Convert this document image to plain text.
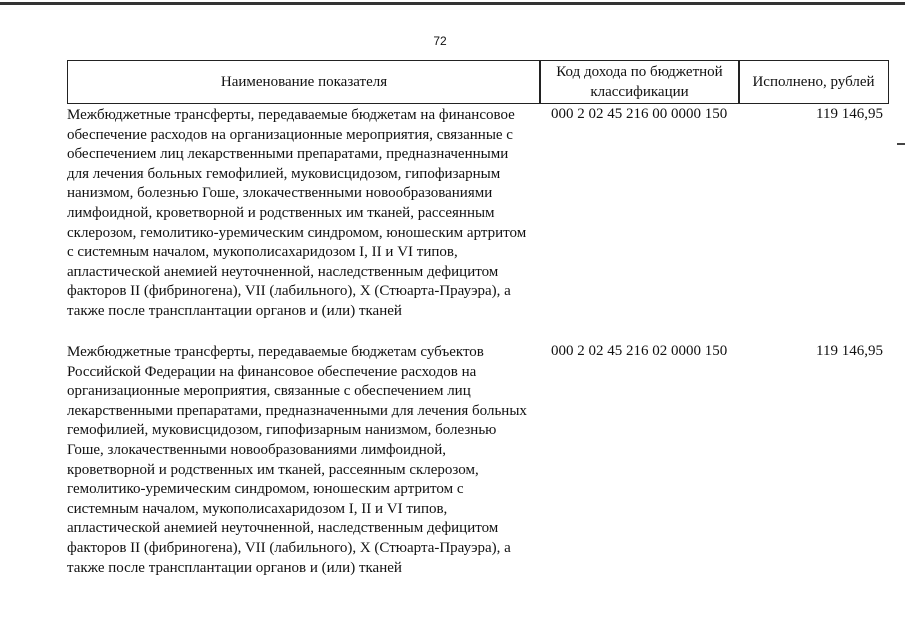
72
Наименование показателя
Код дохода по бюджетной классификации
Исполнено, рублей
Межбюджетные трансферты, передаваемые бюджетам на финансовое
обеспечение расходов на организационные мероприятия, связанные с
обеспечением лиц лекарственными препаратами, предназначенными
для лечения больных гемофилией, муковисцидозом, гипофизарным
нанизмом, болезнью Гоше, злокачественными новообразованиями
лимфоидной, кроветворной и родственных им тканей, рассеянным
склерозом, гемолитико-уремическим синдромом, юношеским артритом
с системным началом, мукополисахаридозом I, II и VI типов,
апластической анемией неуточненной, наследственным дефицитом
факторов II (фибриногена), VII (лабильного), X (Стюарта-Прауэра), а
также после трансплантации органов и (или) тканей
000 2 02 45 216 00 0000 150	119 146,95
Межбюджетные трансферты, передаваемые бюджетам субъектов
Российской Федерации на финансовое обеспечение расходов на
организационные мероприятия, связанные с обеспечением лиц
лекарственными препаратами, предназначенными для лечения больных
гемофилией, муковисцидозом, гипофизарным нанизмом, болезнью
Гоше, злокачественными новообразованиями лимфоидной,
кроветворной и родственных им тканей, рассеянным склерозом,
гемолитико-уремическим синдромом, юношеским артритом с
системным началом, мукополисахаридозом I, II и VI типов,
апластической анемией неуточненной, наследственным дефицитом
факторов II (фибриногена), VII (лабильного), X (Стюарта-Прауэра), а
также после трансплантации органов и (или) тканей
000 2 02 45 216 02 0000 150	119 146,95
